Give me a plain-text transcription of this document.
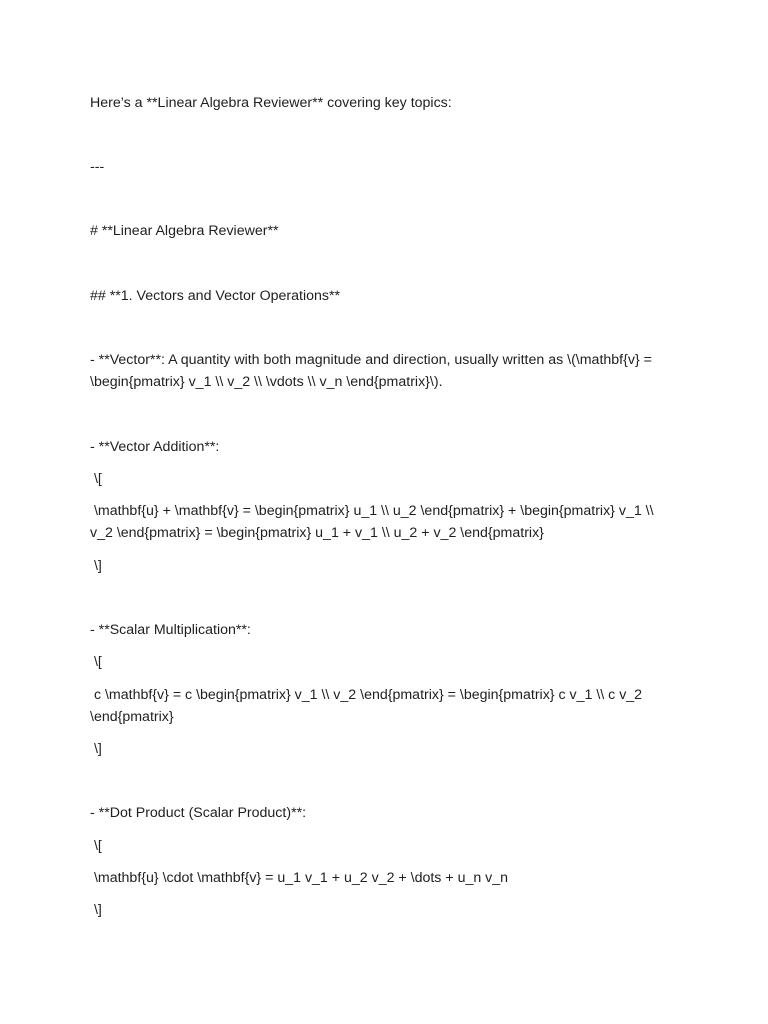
Here’s a **Linear Algebra Reviewer** covering key topics:
---
# **Linear Algebra Reviewer**
## **1. Vectors and Vector Operations**
- **Vector**: A quantity with both magnitude and direction, usually written as \(\mathbf{v} = \begin{pmatrix} v_1 \\ v_2 \\ \vdots \\ v_n \end{pmatrix}\).
- **Vector Addition**:
\[
\mathbf{u} + \mathbf{v} = \begin{pmatrix} u_1 \\ u_2 \end{pmatrix} + \begin{pmatrix} v_1 \\ v_2 \end{pmatrix} = \begin{pmatrix} u_1 + v_1 \\ u_2 + v_2 \end{pmatrix}
\]
- **Scalar Multiplication**:
\[
c \mathbf{v} = c \begin{pmatrix} v_1 \\ v_2 \end{pmatrix} = \begin{pmatrix} c v_1 \\ c v_2 \end{pmatrix}
\]
- **Dot Product (Scalar Product)**:
\[
\mathbf{u} \cdot \mathbf{v} = u_1 v_1 + u_2 v_2 + \dots + u_n v_n
\]
